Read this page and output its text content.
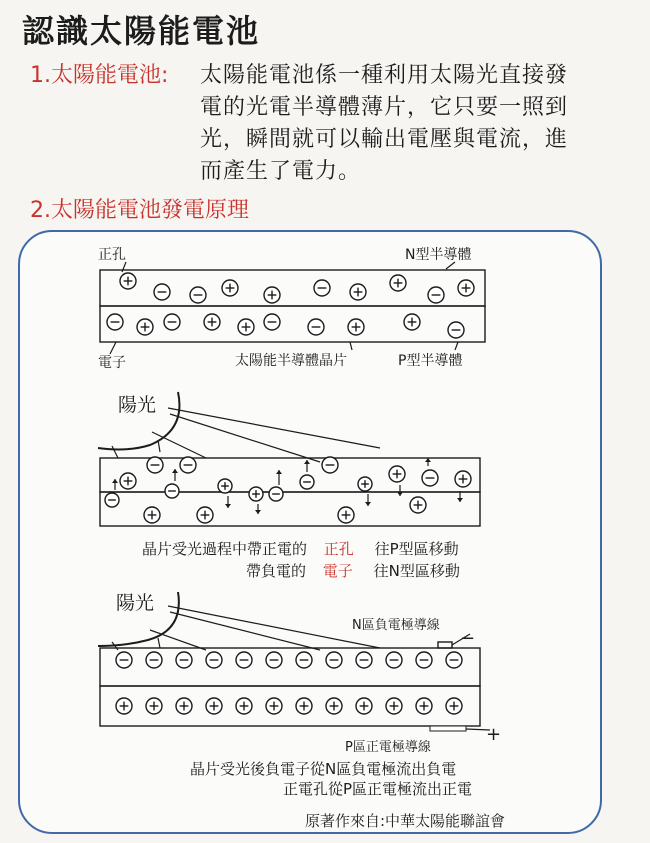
認識太陽能電池
1.太陽能電池: 太陽能電池係一種利用太陽光直接發
電的光電半導體薄片，它只要一照到
光，瞬間就可以輸出電壓與電流，進
而產生了電力。
2.太陽能電池發電原理
正孔	N型半導體
電子	太陽能半導體晶片	P型半導體
陽光
晶片受光過程中帶正電的 正孔 往P型區移動
帶負電的 電子 往N型區移動
陽光
N區負電極導線
−
+
P區正電極導線
晶片受光後負電子從N區負電極流出負電
正電孔從P區正電極流出正電
原著作來自:中華太陽能聯誼會
